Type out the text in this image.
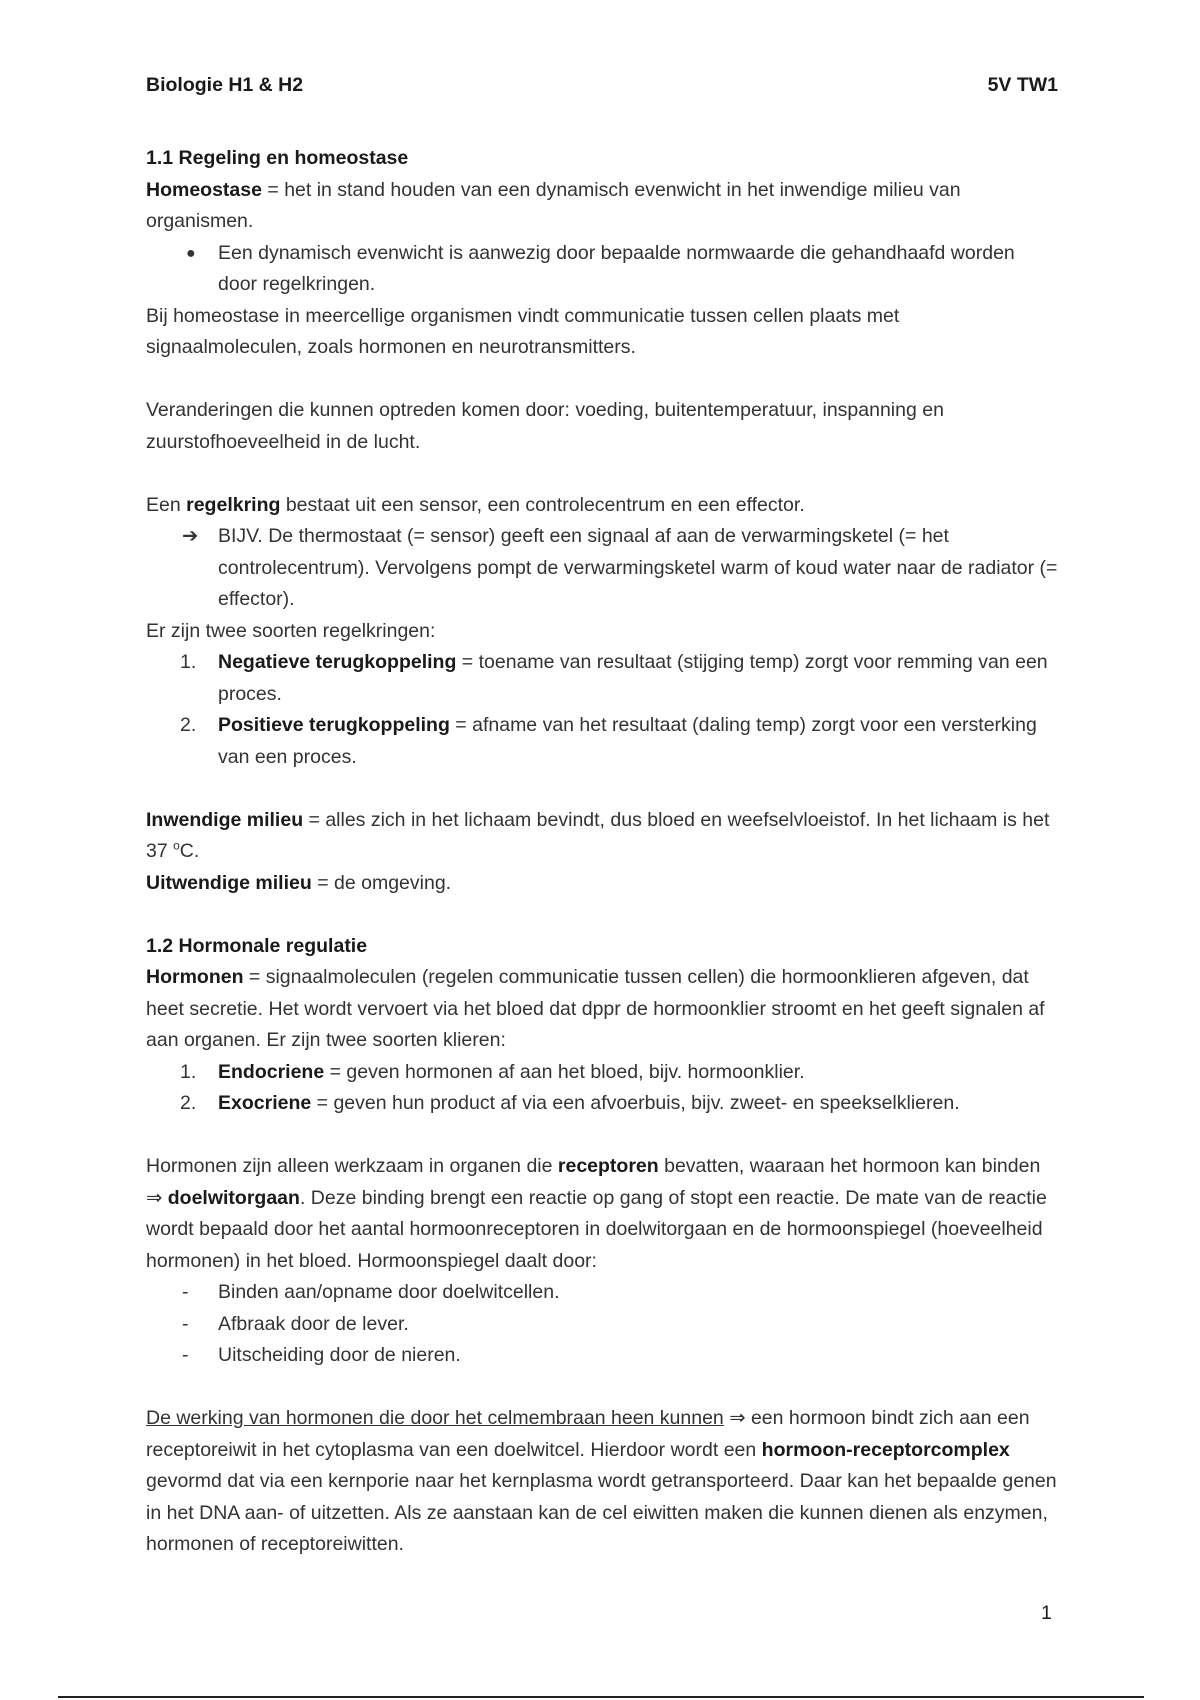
Biologie H1 & H2	5V TW1

1.1 Regeling en homeostase

Homeostase = het in stand houden van een dynamisch evenwicht in het inwendige milieu van organismen.

● Een dynamisch evenwicht is aanwezig door bepaalde normwaarde die gehandhaafd worden door regelkringen.

Bij homeostase in meercellige organismen vindt communicatie tussen cellen plaats met signaalmoleculen, zoals hormonen en neurotransmitters.

Veranderingen die kunnen optreden komen door: voeding, buitentemperatuur, inspanning en zuurstofhoeveelheid in de lucht.

Een regelkring bestaat uit een sensor, een controlecentrum en een effector.

➔ BIJV. De thermostaat (= sensor) geeft een signaal af aan de verwarmingsketel (= het controlecentrum). Vervolgens pompt de verwarmingsketel warm of koud water naar de radiator (= effector).

Er zijn twee soorten regelkringen:

1. Negatieve terugkoppeling = toename van resultaat (stijging temp) zorgt voor remming van een proces.
2. Positieve terugkoppeling = afname van het resultaat (daling temp) zorgt voor een versterking van een proces.

Inwendige milieu = alles zich in het lichaam bevindt, dus bloed en weefselvloeistof. In het lichaam is het 37 $^o$C.

Uitwendige milieu = de omgeving.

1.2 Hormonale regulatie

Hormonen = signaalmoleculen (regelen communicatie tussen cellen) die hormoonklieren afgeven, dat heet secretie. Het wordt vervoert via het bloed dat dppr de hormoonklier stroomt en het geeft signalen af aan organen. Er zijn twee soorten klieren:

1. Endocriene = geven hormonen af aan het bloed, bijv. hormoonklier.
2. Exocriene = geven hun product af via een afvoerbuis, bijv. zweet- en speekselklieren.

Hormonen zijn alleen werkzaam in organen die receptoren bevatten, waaraan het hormoon kan binden ⇒ doelwitorgaan. Deze binding brengt een reactie op gang of stopt een reactie. De mate van de reactie wordt bepaald door het aantal hormoonreceptoren in doelwitorgaan en de hormoonspiegel (hoeveelheid hormonen) in het bloed. Hormoonspiegel daalt door:

- Binden aan/opname door doelwitcellen.
- Afbraak door de lever.
- Uitscheiding door de nieren.

De werking van hormonen die door het celmembraan heen kunnen ⇒ een hormoon bindt zich aan een receptoreiwit in het cytoplasma van een doelwitcel. Hierdoor wordt een hormoon-receptorcomplex gevormd dat via een kernporie naar het kernplasma wordt getransporteerd. Daar kan het bepaalde genen in het DNA aan- of uitzetten. Als ze aanstaan kan de cel eiwitten maken die kunnen dienen als enzymen, hormonen of receptoreiwitten.

1
